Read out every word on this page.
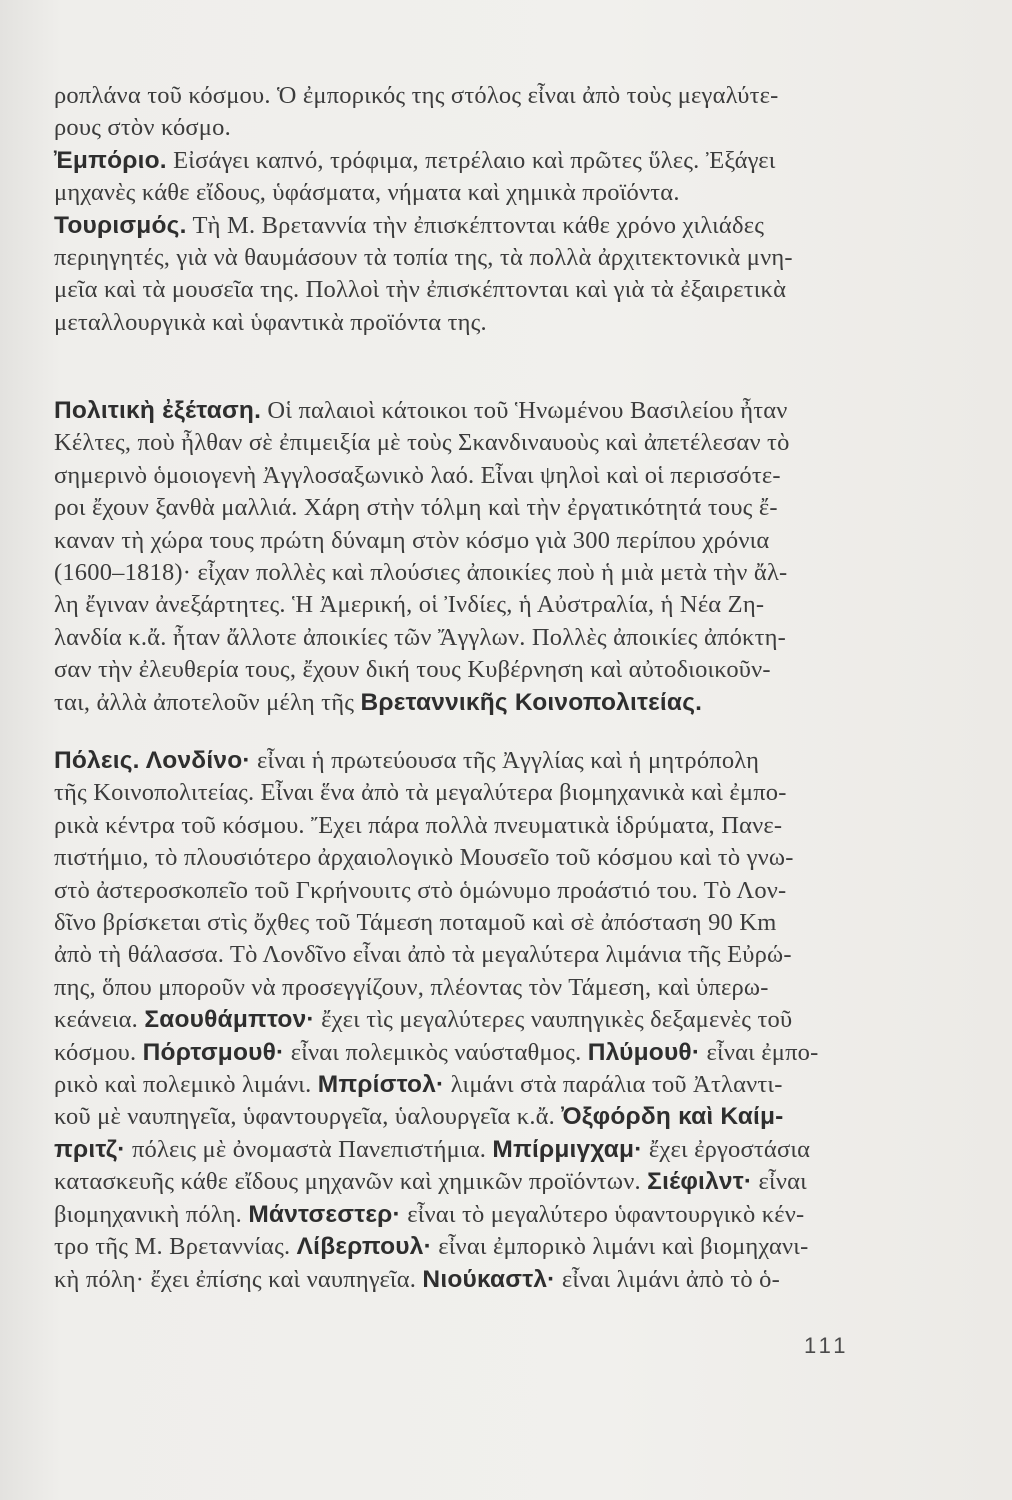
ροπλάνα τοῦ κόσμου. Ὁ ἐμπορικός της στόλος εἶναι ἀπὸ τοὺς μεγαλύτε-
ρους στὸν κόσμο.
Ἐμπόριο. Εἰσάγει καπνό, τρόφιμα, πετρέλαιο καὶ πρῶτες ὕλες. Ἐξάγει
μηχανὲς κάθε εἴδους, ὑφάσματα, νήματα καὶ χημικὰ προϊόντα.
Τουρισμός. Τὴ Μ. Βρεταννία τὴν ἐπισκέπτονται κάθε χρόνο χιλιάδες
περιηγητές, γιὰ νὰ θαυμάσουν τὰ τοπία της, τὰ πολλὰ ἀρχιτεκτονικὰ μνη-
μεῖα καὶ τὰ μουσεῖα της. Πολλοὶ τὴν ἐπισκέπτονται καὶ γιὰ τὰ ἐξαιρετικὰ
μεταλλουργικὰ καὶ ὑφαντικὰ προϊόντα της.
Πολιτικὴ ἐξέταση. Οἱ παλαιοὶ κάτοικοι τοῦ Ἡνωμένου Βασιλείου ἦταν
Κέλτες, ποὺ ἦλθαν σὲ ἐπιμειξία μὲ τοὺς Σκανδιναυοὺς καὶ ἀπετέλεσαν τὸ
σημερινὸ ὁμοιογενὴ Ἀγγλοσαξωνικὸ λαό. Εἶναι ψηλοὶ καὶ οἱ περισσότε-
ροι ἔχουν ξανθὰ μαλλιά. Χάρη στὴν τόλμη καὶ τὴν ἐργατικότητά τους ἔ-
καναν τὴ χώρα τους πρώτη δύναμη στὸν κόσμο γιὰ 300 περίπου χρόνια
(1600–1818)· εἶχαν πολλὲς καὶ πλούσιες ἀποικίες ποὺ ἡ μιὰ μετὰ τὴν ἄλ-
λη ἔγιναν ἀνεξάρτητες. Ἡ Ἀμερική, οἱ Ἰνδίες, ἡ Αὐστραλία, ἡ Νέα Ζη-
λανδία κ.ἄ. ἦταν ἄλλοτε ἀποικίες τῶν Ἄγγλων. Πολλὲς ἀποικίες ἀπόκτη-
σαν τὴν ἐλευθερία τους, ἔχουν δική τους Κυβέρνηση καὶ αὐτοδιοικοῦν-
ται, ἀλλὰ ἀποτελοῦν μέλη τῆς Βρεταννικῆς Κοινοπολιτείας.
Πόλεις. Λονδίνο· εἶναι ἡ πρωτεύουσα τῆς Ἀγγλίας καὶ ἡ μητρόπολη
τῆς Κοινοπολιτείας. Εἶναι ἕνα ἀπὸ τὰ μεγαλύτερα βιομηχανικὰ καὶ ἐμπο-
ρικὰ κέντρα τοῦ κόσμου. Ἔχει πάρα πολλὰ πνευματικὰ ἱδρύματα, Πανε-
πιστήμιο, τὸ πλουσιότερο ἀρχαιολογικὸ Μουσεῖο τοῦ κόσμου καὶ τὸ γνω-
στὸ ἀστεροσκοπεῖο τοῦ Γκρήνουιτς στὸ ὁμώνυμο προάστιό του. Τὸ Λον-
δῖνο βρίσκεται στὶς ὄχθες τοῦ Τάμεση ποταμοῦ καὶ σὲ ἀπόσταση 90 Km
ἀπὸ τὴ θάλασσα. Τὸ Λονδῖνο εἶναι ἀπὸ τὰ μεγαλύτερα λιμάνια τῆς Εὐρώ-
πης, ὅπου μποροῦν νὰ προσεγγίζουν, πλέοντας τὸν Τάμεση, καὶ ὑπερω-
κεάνεια. Σαουθάμπτον· ἔχει τὶς μεγαλύτερες ναυπηγικὲς δεξαμενὲς τοῦ
κόσμου. Πόρτσμουθ· εἶναι πολεμικὸς ναύσταθμος. Πλύμουθ· εἶναι ἐμπο-
ρικὸ καὶ πολεμικὸ λιμάνι. Μπρίστολ· λιμάνι στὰ παράλια τοῦ Ἀτλαντι-
κοῦ μὲ ναυπηγεῖα, ὑφαντουργεῖα, ὑαλουργεῖα κ.ἄ. Ὀξφόρδη καὶ Καίμ-
πριτζ· πόλεις μὲ ὀνομαστὰ Πανεπιστήμια. Μπίρμιγχαμ· ἔχει ἐργοστάσια
κατασκευῆς κάθε εἴδους μηχανῶν καὶ χημικῶν προϊόντων. Σιέφιλντ· εἶναι
βιομηχανικὴ πόλη. Μάντσεστερ· εἶναι τὸ μεγαλύτερο ὑφαντουργικὸ κέν-
τρο τῆς Μ. Βρεταννίας. Λίβερπουλ· εἶναι ἐμπορικὸ λιμάνι καὶ βιομηχανι-
κὴ πόλη· ἔχει ἐπίσης καὶ ναυπηγεῖα. Νιούκαστλ· εἶναι λιμάνι ἀπὸ τὸ ὁ-
111
